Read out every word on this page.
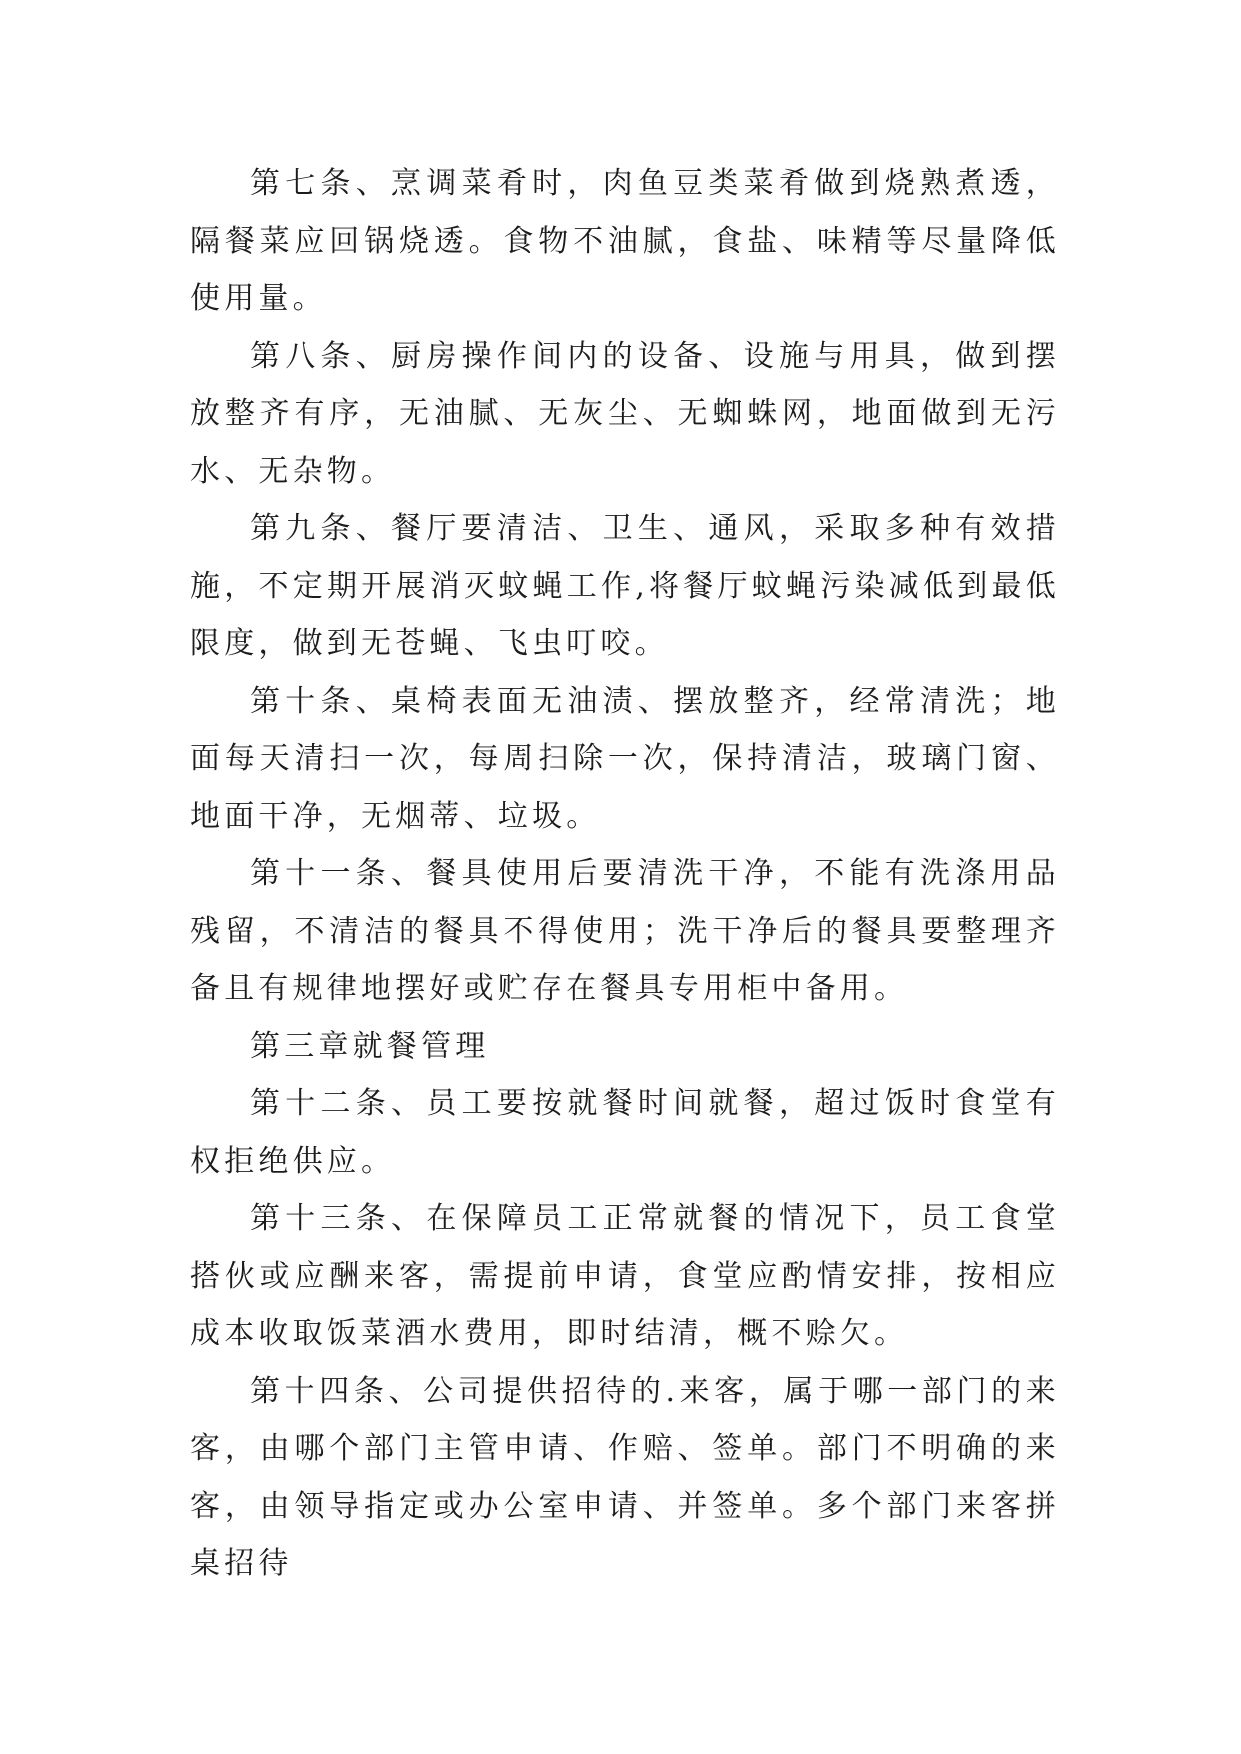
第七条、烹调菜肴时，肉鱼豆类菜肴做到烧熟煮透，隔餐菜应回锅烧透。食物不油腻，食盐、味精等尽量降低使用量。

第八条、厨房操作间内的设备、设施与用具，做到摆放整齐有序，无油腻、无灰尘、无蜘蛛网，地面做到无污水、无杂物。

第九条、餐厅要清洁、卫生、通风，采取多种有效措施，不定期开展消灭蚊蝇工作,将餐厅蚊蝇污染减低到最低限度，做到无苍蝇、飞虫叮咬。

第十条、桌椅表面无油渍、摆放整齐，经常清洗；地面每天清扫一次，每周扫除一次，保持清洁，玻璃门窗、地面干净，无烟蒂、垃圾。

第十一条、餐具使用后要清洗干净，不能有洗涤用品残留，不清洁的餐具不得使用；洗干净后的餐具要整理齐备且有规律地摆好或贮存在餐具专用柜中备用。

第三章就餐管理

第十二条、员工要按就餐时间就餐，超过饭时食堂有权拒绝供应。

第十三条、在保障员工正常就餐的情况下，员工食堂搭伙或应酬来客，需提前申请，食堂应酌情安排，按相应成本收取饭菜酒水费用，即时结清，概不赊欠。

第十四条、公司提供招待的.来客，属于哪一部门的来客，由哪个部门主管申请、作赔、签单。部门不明确的来客，由领导指定或办公室申请、并签单。多个部门来客拼桌招待
